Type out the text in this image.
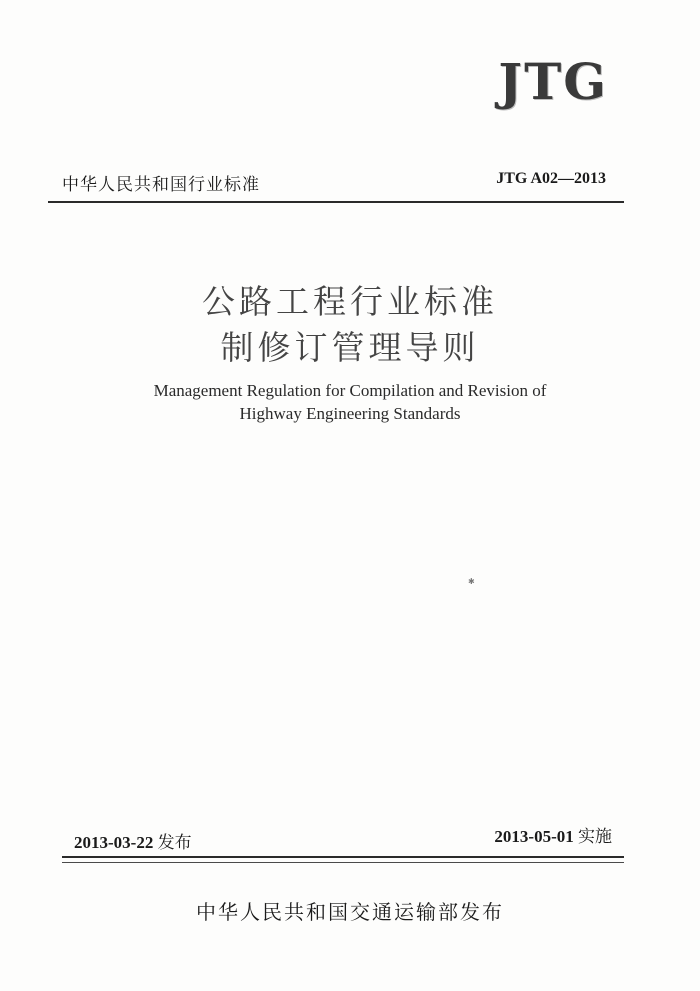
JTG
中华人民共和国行业标准	JTG A02—2013
公路工程行业标准
制修订管理导则
Management Regulation for Compilation and Revision of
Highway Engineering Standards
✱
2013-03-22 发布	2013-05-01 实施
中华人民共和国交通运输部发布
